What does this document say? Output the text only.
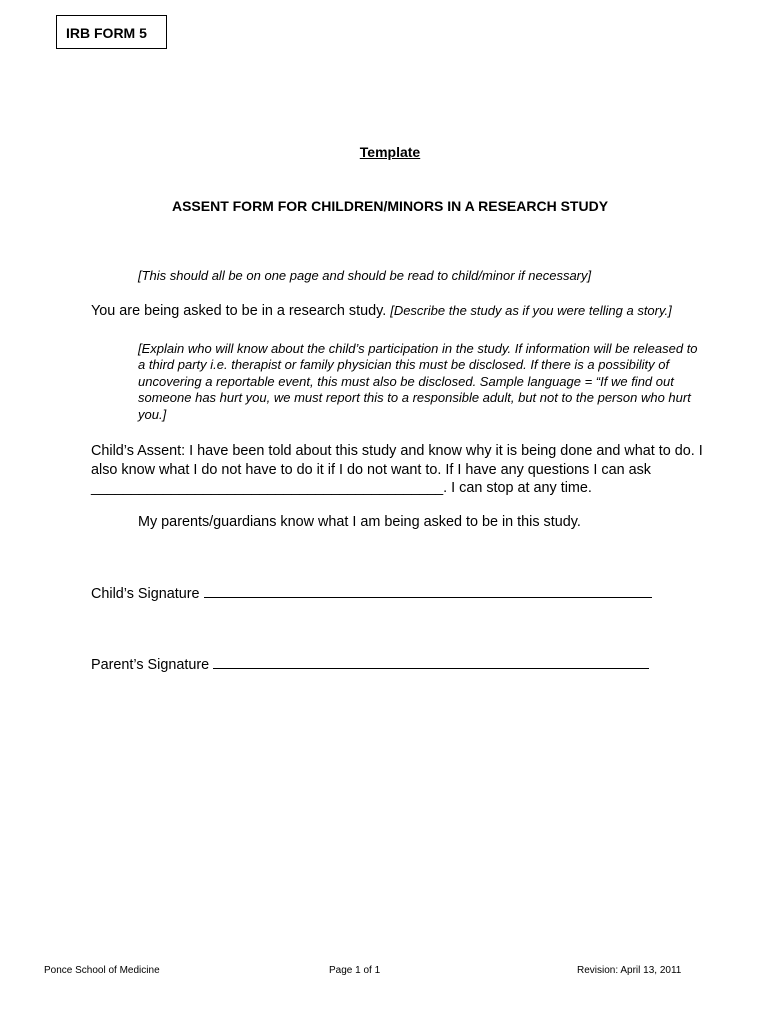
IRB FORM 5
Template
ASSENT FORM FOR CHILDREN/MINORS IN A RESEARCH STUDY
[This should all be on one page and should be read to child/minor if necessary]
You are being asked to be in a research study. [Describe the study as if you were telling a story.]
[Explain who will know about the child’s participation in the study. If information will be released to
a third party i.e. therapist or family physician this must be disclosed. If there is a possibility of
uncovering a reportable event, this must also be disclosed. Sample language = “If we find out
someone has hurt you, we must report this to a responsible adult, but not to the person who hurt
you.]
Child’s Assent: I have been told about this study and know why it is being done and what to do. I
also know what I do not have to do it if I do not want to. If I have any questions I can ask
____________________________________________. I can stop at any time.
My parents/guardians know what I am being asked to be in this study.
Child’s Signature
Parent’s Signature
Ponce School of Medicine	Page 1 of 1	Revision: April 13, 2011
